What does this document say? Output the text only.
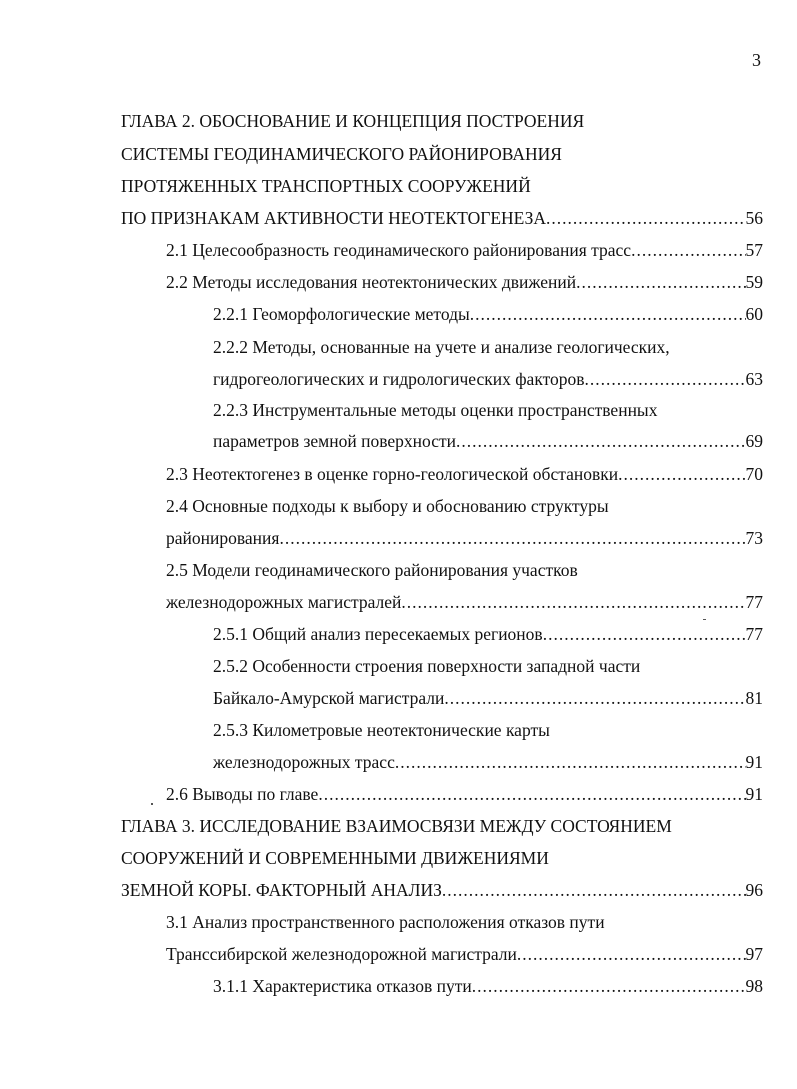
3
ГЛАВА 2. ОБОСНОВАНИЕ И КОНЦЕПЦИЯ ПОСТРОЕНИЯ
СИСТЕМЫ ГЕОДИНАМИЧЕСКОГО РАЙОНИРОВАНИЯ
ПРОТЯЖЕННЫХ ТРАНСПОРТНЫХ СООРУЖЕНИЙ
ПО ПРИЗНАКАМ АКТИВНОСТИ НЕОТЕКТОГЕНЕЗА .....	56
2.1 Целесообразность геодинамического районирования трасс .....	57
2.2 Методы исследования неотектонических движений .....	59
2.2.1 Геоморфологические методы .....	60
2.2.2 Методы, основанные на учете и анализе геологических,
гидрогеологических и гидрологических факторов .....	63
2.2.3 Инструментальные методы оценки пространственных
параметров земной поверхности .....	69
2.3 Неотектогенез в оценке горно-геологической обстановки .....	70
2.4 Основные подходы к выбору и обоснованию структуры
районирования .....	73
2.5 Модели геодинамического районирования участков
железнодорожных магистралей .....	77
2.5.1 Общий анализ пересекаемых регионов .....	77
2.5.2 Особенности строения поверхности западной части
Байкало-Амурской магистрали .....	81
2.5.3 Километровые неотектонические карты
железнодорожных трасс .....	91
2.6 Выводы по главе .....	91
ГЛАВА 3. ИССЛЕДОВАНИЕ ВЗАИМОСВЯЗИ МЕЖДУ СОСТОЯНИЕМ
СООРУЖЕНИЙ И СОВРЕМЕННЫМИ ДВИЖЕНИЯМИ
ЗЕМНОЙ КОРЫ. ФАКТОРНЫЙ АНАЛИЗ .....	96
3.1 Анализ пространственного расположения отказов пути
Транссибирской железнодорожной магистрали .....	97
3.1.1 Характеристика отказов пути .....	98
